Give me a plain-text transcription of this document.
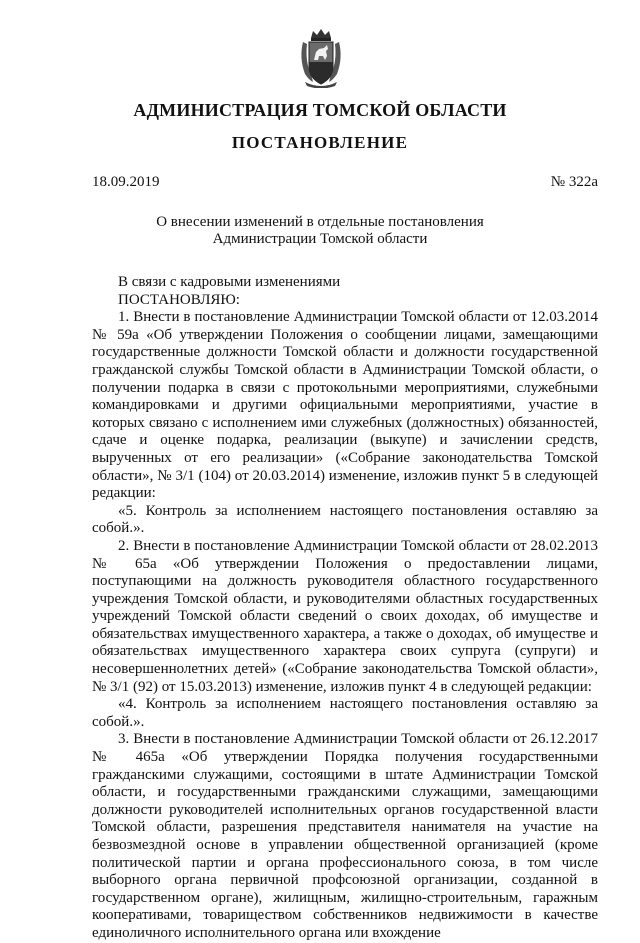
АДМИНИСТРАЦИЯ ТОМСКОЙ ОБЛАСТИ
ПОСТАНОВЛЕНИЕ
18.09.2019	№ 322а
О внесении изменений в отдельные постановления
Администрации Томской области

В связи с кадровыми изменениями

ПОСТАНОВЛЯЮ:

1. Внести в постановление Администрации Томской области от 12.03.2014 № 59а «Об утверждении Положения о сообщении лицами, замещающими государственные должности Томской области и должности государственной гражданской службы Томской области в Администрации Томской области, о получении подарка в связи с протокольными мероприятиями, служебными командировками и другими официальными мероприятиями, участие в которых связано с исполнением ими служебных (должностных) обязанностей, сдаче и оценке подарка, реализации (выкупе) и зачислении средств, вырученных от его реализации» («Собрание законодательства Томской области», № 3/1 (104) от 20.03.2014) изменение, изложив пункт 5 в следующей редакции:

«5. Контроль за исполнением настоящего постановления оставляю за собой.».

2. Внести в постановление Администрации Томской области от 28.02.2013 № 65а «Об утверждении Положения о предоставлении лицами, поступающими на должность руководителя областного государственного учреждения Томской области, и руководителями областных государственных учреждений Томской области сведений о своих доходах, об имуществе и обязательствах имущественного характера, а также о доходах, об имуществе и обязательствах имущественного характера своих супруга (супруги) и несовершеннолетних детей» («Собрание законодательства Томской области», № 3/1 (92) от 15.03.2013) изменение, изложив пункт 4 в следующей редакции:

«4. Контроль за исполнением настоящего постановления оставляю за собой.».

3. Внести в постановление Администрации Томской области от 26.12.2017 № 465а «Об утверждении Порядка получения государственными гражданскими служащими, состоящими в штате Администрации Томской области, и государственными гражданскими служащими, замещающими должности руководителей исполнительных органов государственной власти Томской области, разрешения представителя нанимателя на участие на безвозмездной основе в управлении общественной организацией (кроме политической партии и органа профессионального союза, в том числе выборного органа первичной профсоюзной организации, созданной в государственном органе), жилищным, жилищно-строительным, гаражным кооперативами, товариществом собственников недвижимости в качестве единоличного исполнительного органа или вхождение
